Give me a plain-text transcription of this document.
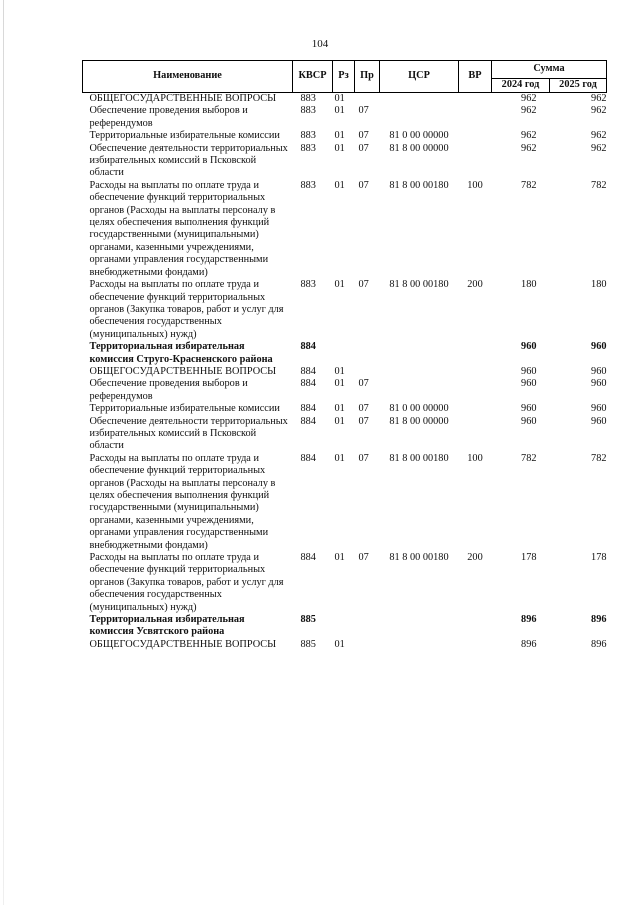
104
Наименование	КВСР	Рз	Пр	ЦСР	ВР	Сумма	
						2024 год	2025 год
ОБЩЕГОСУДАРСТВЕННЫЕ ВОПРОСЫ	883	01				962	962
Обеспечение проведения выборов и референдумов	883	01	07			962	962
Территориальные избирательные комиссии	883	01	07	81 0 00 00000		962	962
Обеспечение деятельности территориальных избирательных комиссий в Псковской области	883	01	07	81 8 00 00000		962	962
Расходы на выплаты по оплате труда и обеспечение функций территориальных органов (Расходы на выплаты персоналу в целях обеспечения выполнения функций государственными (муниципальными) органами, казенными учреждениями, органами управления государственными внебюджетными фондами)	883	01	07	81 8 00 00180	100	782	782
Расходы на выплаты по оплате труда и обеспечение функций территориальных органов (Закупка товаров, работ и услуг для обеспечения государственных (муниципальных) нужд)	883	01	07	81 8 00 00180	200	180	180
Территориальная избирательная комиссия Струго-Красненского района	884					960	960
ОБЩЕГОСУДАРСТВЕННЫЕ ВОПРОСЫ	884	01				960	960
Обеспечение проведения выборов и референдумов	884	01	07			960	960
Территориальные избирательные комиссии	884	01	07	81 0 00 00000		960	960
Обеспечение деятельности территориальных избирательных комиссий в Псковской области	884	01	07	81 8 00 00000		960	960
Расходы на выплаты по оплате труда и обеспечение функций территориальных органов (Расходы на выплаты персоналу в целях обеспечения выполнения функций государственными (муниципальными) органами, казенными учреждениями, органами управления государственными внебюджетными фондами)	884	01	07	81 8 00 00180	100	782	782
Расходы на выплаты по оплате труда и обеспечение функций территориальных органов (Закупка товаров, работ и услуг для обеспечения государственных (муниципальных) нужд)	884	01	07	81 8 00 00180	200	178	178
Территориальная избирательная комиссия Усвятского района	885					896	896
ОБЩЕГОСУДАРСТВЕННЫЕ ВОПРОСЫ	885	01				896	896
